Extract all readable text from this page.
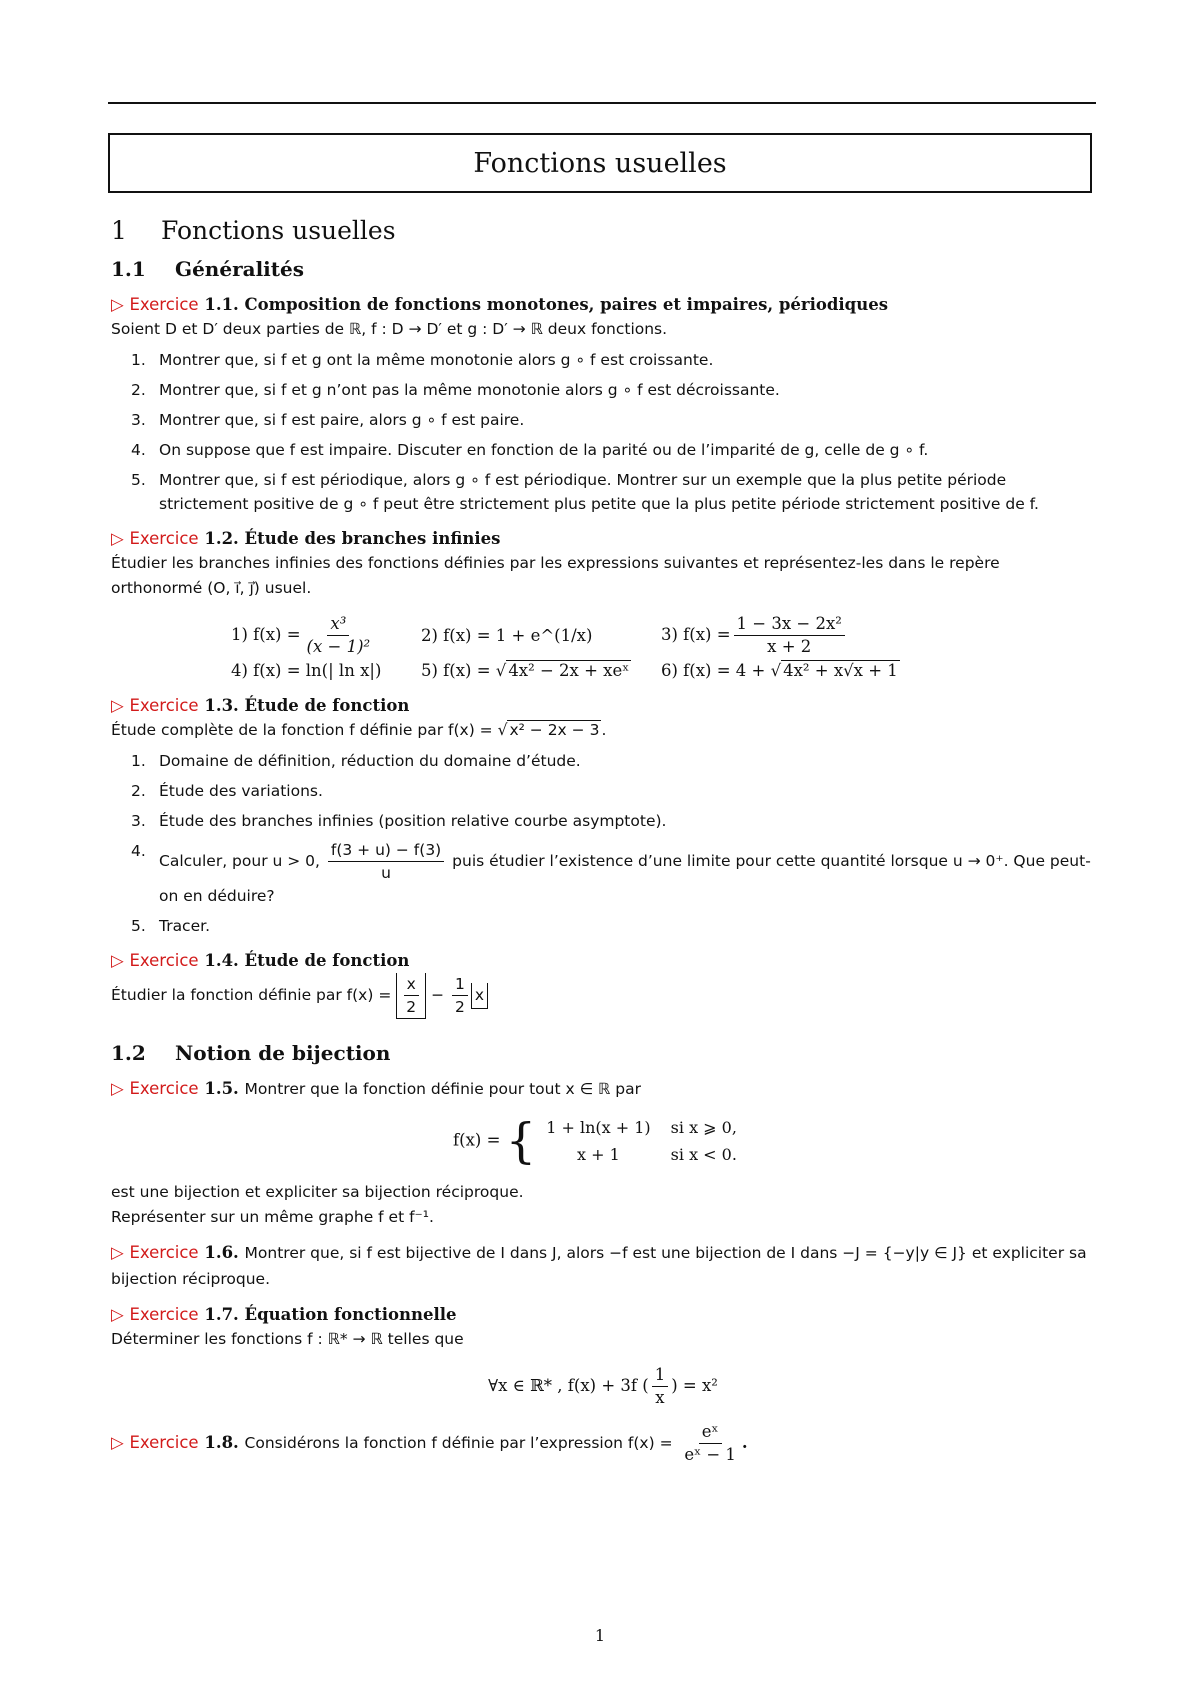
Fonctions usuelles
1 Fonctions usuelles
1.1 Généralités
▷ Exercice 1.1. Composition de fonctions monotones, paires et impaires, périodiques
Soient D et D′ deux parties de ℝ, f : D → D′ et g : D′ → ℝ deux fonctions.
1. Montrer que, si f et g ont la même monotonie alors g ∘ f est croissante.
2. Montrer que, si f et g n’ont pas la même monotonie alors g ∘ f est décroissante.
3. Montrer que, si f est paire, alors g ∘ f est paire.
4. On suppose que f est impaire. Discuter en fonction de la parité ou de l’imparité de g, celle de g ∘ f.
5. Montrer que, si f est périodique, alors g ∘ f est périodique. Montrer sur un exemple que la plus petite période strictement positive de g ∘ f peut être strictement plus petite que la plus petite période strictement positive de f.
▷ Exercice 1.2. Étude des branches infinies
Étudier les branches infinies des fonctions définies par les expressions suivantes et représentez-les dans le repère orthonormé (O, i⃗, j⃗) usuel.
1) $f(x) = \frac{\text{x³}}{\text{(x − 1)²}}$	2) f(x) = 1 + e^(1/x)	3) $f(x) = \frac{\text{1 − 3x − 2x²}}{x + 2}$
4) f(x) = ln(| ln x|)	5) f(x) = √ 4x² − 2x + xeˣ	6) f(x) = 4 + √ 4x² + x√x + 1
▷ Exercice 1.3. Étude de fonction
Étude complète de la fonction f définie par f(x) = √ x² − 2x − 3 .
1. Domaine de définition, réduction du domaine d’étude.
2. Étude des variations.
3. Étude des branches infinies (position relative courbe asymptote).
4.
Calculer, pour u > 0, $\frac{f(3 + u) - f(3)}{u}$ puis étudier l’existence d’une limite pour cette quantité lorsque u → 0⁺. Que peut-on en déduire?
5. Tracer.
▷ Exercice 1.4. Étude de fonction
Étudier la fonction définie par $f(x) = \frac{x}{2} - \frac{1}{2}$ x
1.2 Notion de bijection
▷ Exercice 1.5. Montrer que la fonction définie pour tout x ∈ ℝ par
f(x) = { 1 + ln(x + 1)	si x ⩾ 0,
x + 1	si x < 0.
est une bijection et expliciter sa bijection réciproque.
Représenter sur un même graphe f et f⁻¹.
▷ Exercice 1.6. Montrer que, si f est bijective de I dans J, alors −f est une bijection de I dans −J = {−y|y ∈ J} et expliciter sa bijection réciproque.
▷ Exercice 1.7. Équation fonctionnelle
Déterminer les fonctions f : ℝ* → ℝ telles que
∀x ∈ ℝ* , f(x) + 3f ( $\frac{1}{x}$ ) = x²
▷ Exercice 1.8. Considérons la fonction f définie par l’expression $f(x) = \frac{\text{eˣ}}{\text{eˣ − 1}}$ .
1
